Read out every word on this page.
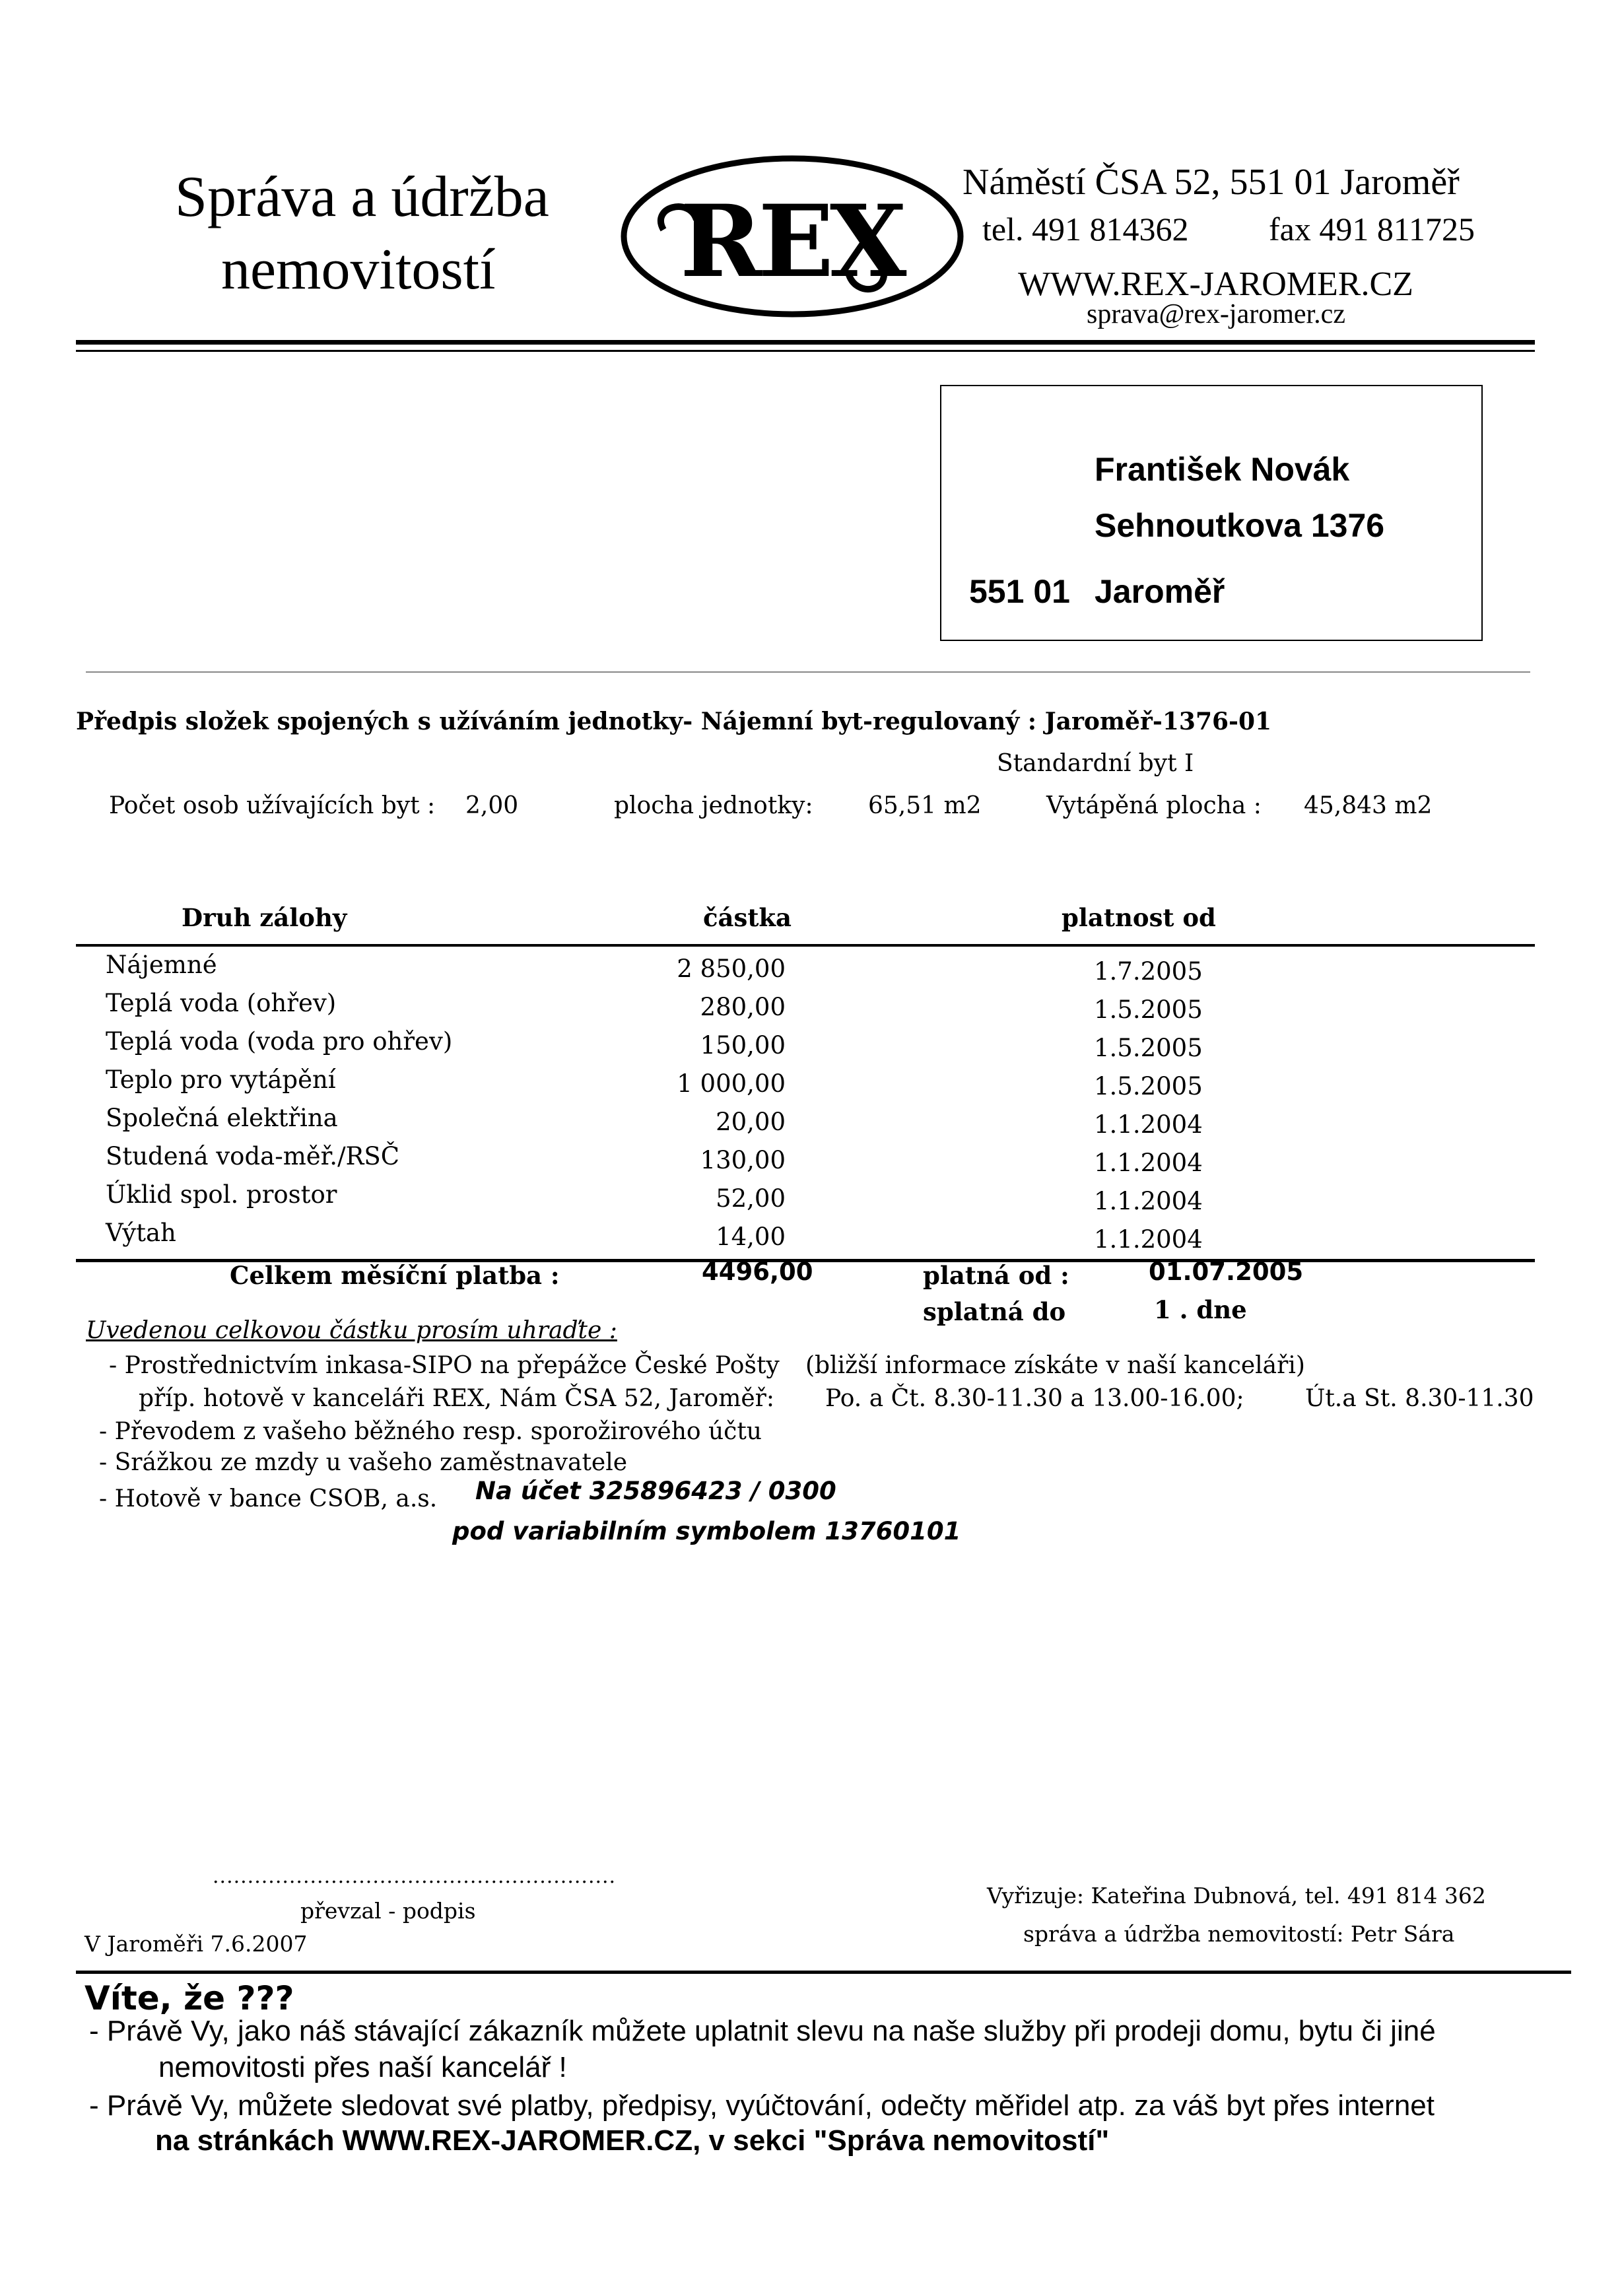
Správa a údržba
nemovitostí REX
Náměstí ČSA 52, 551 01 Jaroměř
tel. 491 814362 fax 491 811725
WWW.REX-JAROMER.CZ
sprava@rex-jaromer.cz
František Novák
Sehnoutkova 1376
551 01 Jaroměř
Předpis složek spojených s užíváním jednotky- Nájemní byt-regulovaný : Jaroměř-1376-01
Standardní byt I
Počet osob užívajících byt : 2,00	plocha jednotky: 65,51 m2	Vytápěná plocha : 45,843 m2
Druh zálohy	částka	platnost od
Nájemné	2 850,00	1.7.2005
Teplá voda (ohřev)	280,00	1.5.2005
Teplá voda (voda pro ohřev)	150,00	1.5.2005
Teplo pro vytápění	1 000,00	1.5.2005
Společná elektřina	20,00	1.1.2004
Studená voda-měř./RSČ	130,00	1.1.2004
Úklid spol. prostor	52,00	1.1.2004
Výtah	14,00	1.1.2004
Celkem měsíční platba :	4496,00	platná od :	01.07.2005
splatná do	1 . dne
Uvedenou celkovou částku prosím uhraďte :
- Prostřednictvím inkasa-SIPO na přepážce České Pošty (bližší informace získáte v naší kanceláři)
příp. hotově v kanceláři REX, Nám ČSA 52, Jaroměř: Po. a Čt. 8.30-11.30 a 13.00-16.00;	Út.a St. 8.30-11.30
- Převodem z vašeho běžného resp. sporožirového účtu
- Srážkou ze mzdy u vašeho zaměstnavatele
- Hotově v bance CSOB, a.s. Na účet 325896423 / 0300
pod variabilním symbolem 13760101
..........................................................
převzal - podpis
V Jaroměři 7.6.2007
Vyřizuje: Kateřina Dubnová, tel. 491 814 362
správa a údržba nemovitostí: Petr Sára
Víte, že ???
- Právě Vy, jako náš stávající zákazník můžete uplatnit slevu na naše služby při prodeji domu, bytu či jiné
nemovitosti přes naší kancelář !
- Právě Vy, můžete sledovat své platby, předpisy, vyúčtování, odečty měřidel atp. za váš byt přes internet
na stránkách WWW.REX-JAROMER.CZ, v sekci "Správa nemovitostí"
